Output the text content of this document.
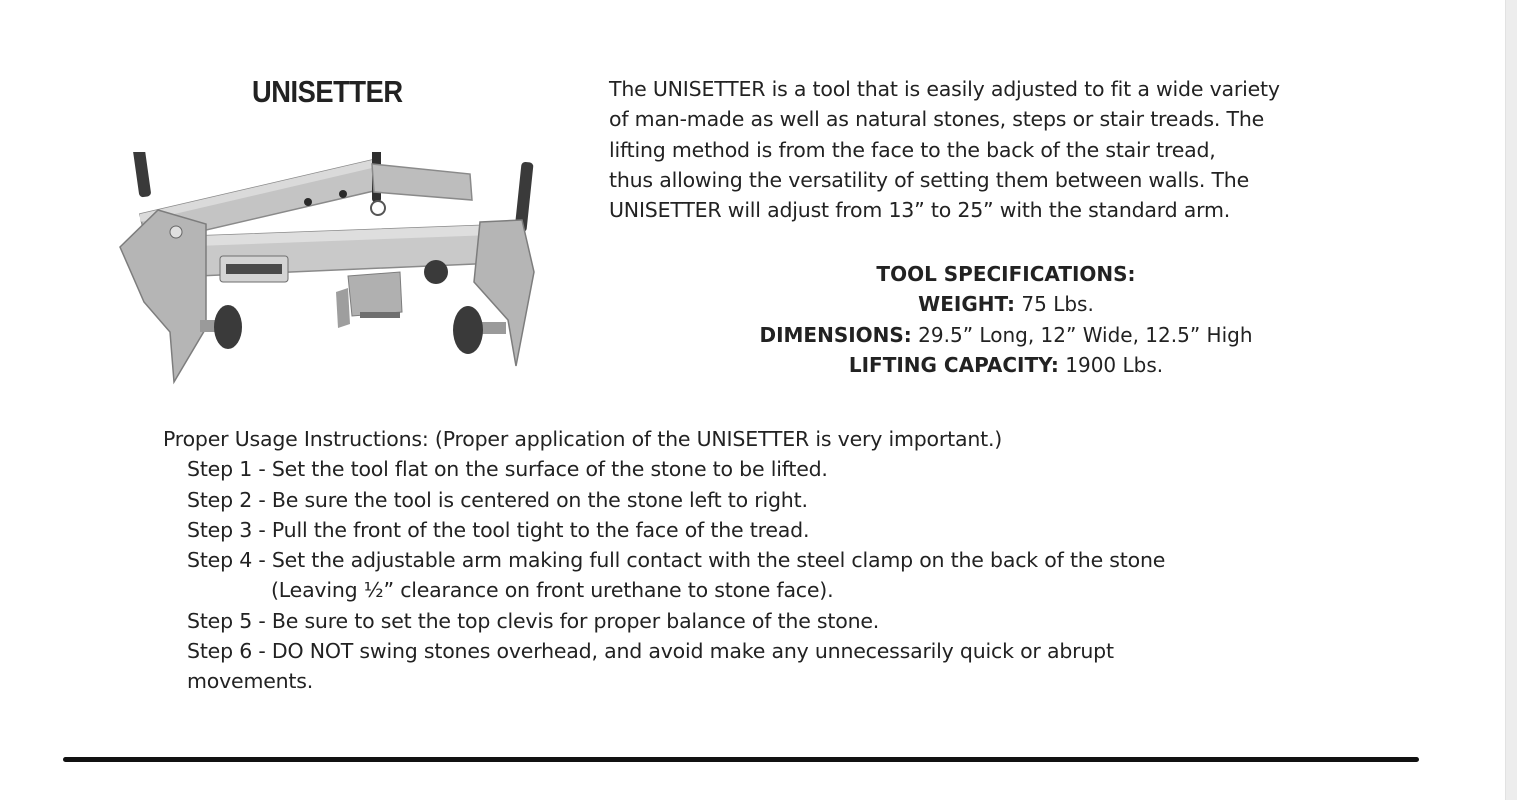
UNISETTER	The UNISETTER is a tool that is easily adjusted to fit a wide variety
of man-made as well as natural stones, steps or stair treads. The
lifting method is from the face to the back of the stair tread,
thus allowing the versatility of setting them between walls. The
UNISETTER will adjust from 13” to 25” with the standard arm.
TOOL SPECIFICATIONS:
WEIGHT: 75 Lbs.
DIMENSIONS: 29.5” Long, 12” Wide, 12.5” High
LIFTING CAPACITY: 1900 Lbs.
Proper Usage Instructions: (Proper application of the UNISETTER is very important.)
Step 1 - Set the tool flat on the surface of the stone to be lifted.
Step 2 - Be sure the tool is centered on the stone left to right.
Step 3 - Pull the front of the tool tight to the face of the tread.
Step 4 - Set the adjustable arm making full contact with the steel clamp on the back of the stone
(Leaving ½” clearance on front urethane to stone face).
Step 5 - Be sure to set the top clevis for proper balance of the stone.
Step 6 - DO NOT swing stones overhead, and avoid make any unnecessarily quick or abrupt
movements.
